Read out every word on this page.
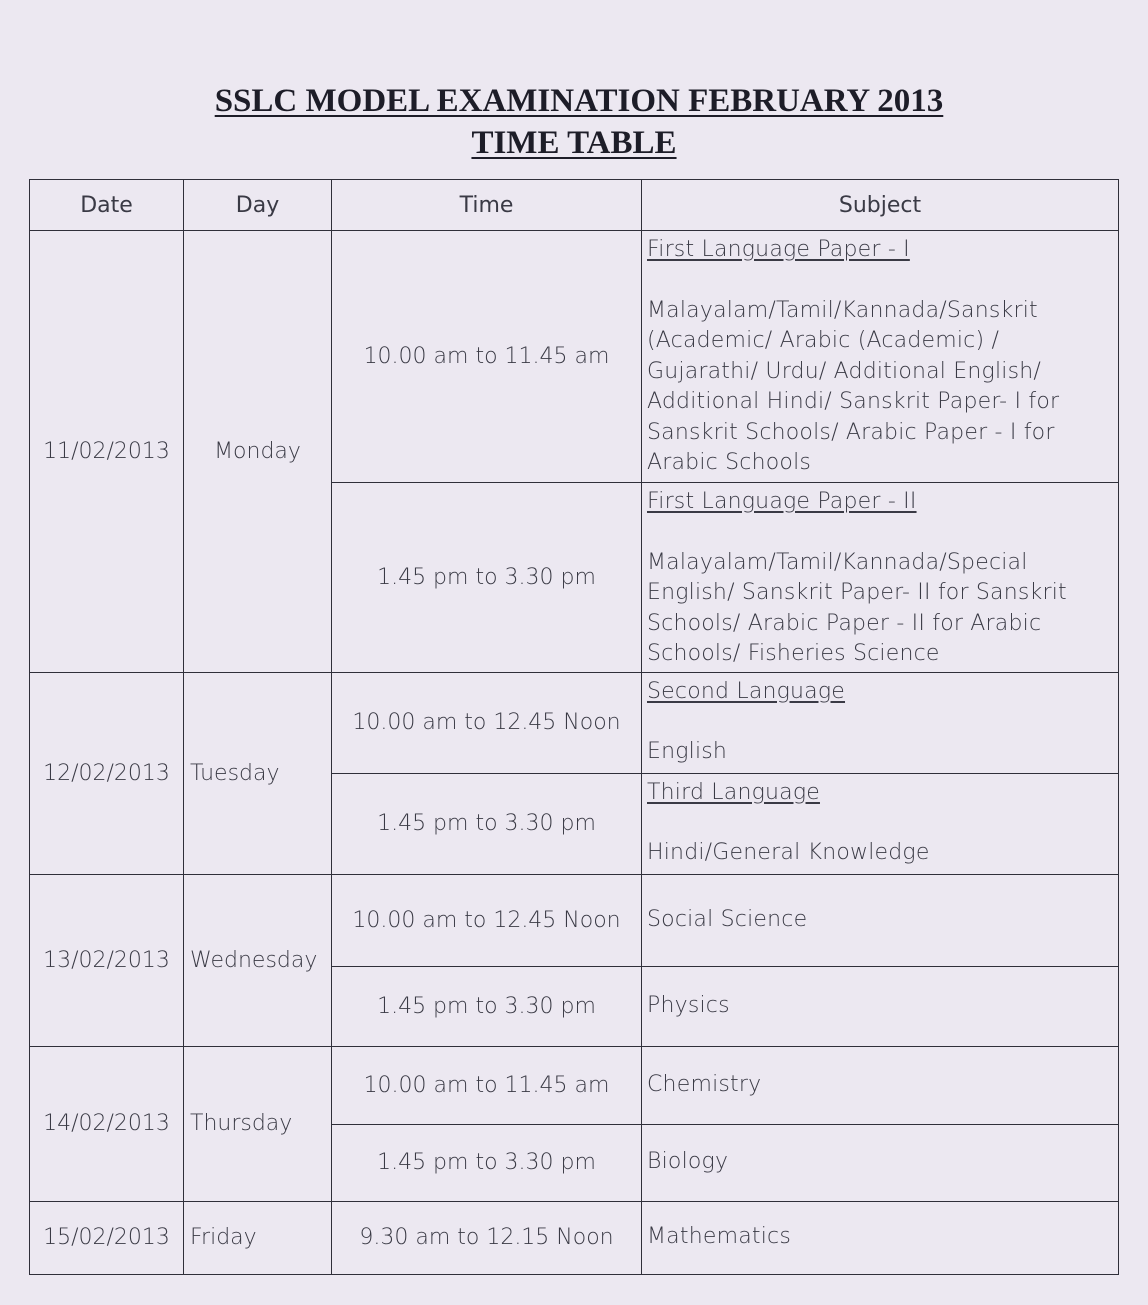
SSLC MODEL EXAMINATION FEBRUARY 2013

TIME TABLE

Date	Day	Time	Subject
11/02/2013	Monday	10.00 am to 11.45 am	First Language Paper - I
Malayalam/Tamil/Kannada/Sanskrit (Academic/ Arabic (Academic) / Gujarathi/ Urdu/ Additional English/ Additional Hindi/ Sanskrit Paper- I for Sanskrit Schools/ Arabic Paper - I for Arabic Schools

		1.45 pm to 3.30 pm	First Language Paper - II
Malayalam/Tamil/Kannada/Special English/ Sanskrit Paper- II for Sanskrit Schools/ Arabic Paper - II for Arabic Schools/ Fisheries Science

12/02/2013	Tuesday	10.00 am to 12.45 Noon	Second Language
English

		1.45 pm to 3.30 pm	Third Language
Hindi/General Knowledge

13/02/2013	Wednesday	10.00 am to 12.45 Noon	Social Science
		1.45 pm to 3.30 pm	Physics
14/02/2013	Thursday	10.00 am to 11.45 am	Chemistry
		1.45 pm to 3.30 pm	Biology
15/02/2013	Friday	9.30 am to 12.15 Noon	Mathematics
